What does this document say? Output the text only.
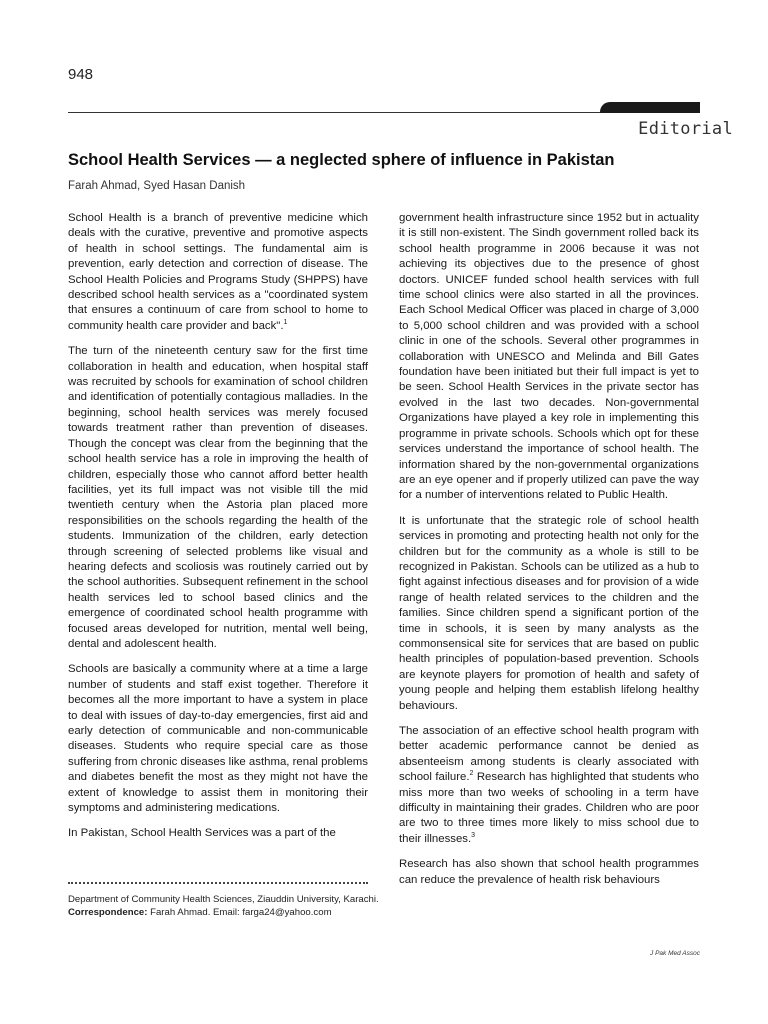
948
Editorial
School Health Services — a neglected sphere of influence in Pakistan
Farah Ahmad, Syed Hasan Danish

School Health is a branch of preventive medicine which deals with the curative, preventive and promotive aspects of health in school settings. The fundamental aim is prevention, early detection and correction of disease. The School Health Policies and Programs Study (SHPPS) have described school health services as a "coordinated system that ensures a continuum of care from school to home to community health care provider and back".$^1$

The turn of the nineteenth century saw for the first time collaboration in health and education, when hospital staff was recruited by schools for examination of school children and identification of potentially contagious malladies. In the beginning, school health services was merely focused towards treatment rather than prevention of diseases. Though the concept was clear from the beginning that the school health service has a role in improving the health of children, especially those who cannot afford better health facilities, yet its full impact was not visible till the mid twentieth century when the Astoria plan placed more responsibilities on the schools regarding the health of the students. Immunization of the children, early detection through screening of selected problems like visual and hearing defects and scoliosis was routinely carried out by the school authorities. Subsequent refinement in the school health services led to school based clinics and the emergence of coordinated school health programme with focused areas developed for nutrition, mental well being, dental and adolescent health.

Schools are basically a community where at a time a large number of students and staff exist together. Therefore it becomes all the more important to have a system in place to deal with issues of day-to-day emergencies, first aid and early detection of communicable and non-communicable diseases. Students who require special care as those suffering from chronic diseases like asthma, renal problems and diabetes benefit the most as they might not have the extent of knowledge to assist them in monitoring their symptoms and administering medications.

In Pakistan, School Health Services was a part of the

government health infrastructure since 1952 but in actuality it is still non-existent. The Sindh government rolled back its school health programme in 2006 because it was not achieving its objectives due to the presence of ghost doctors. UNICEF funded school health services with full time school clinics were also started in all the provinces. Each School Medical Officer was placed in charge of 3,000 to 5,000 school children and was provided with a school clinic in one of the schools. Several other programmes in collaboration with UNESCO and Melinda and Bill Gates foundation have been initiated but their full impact is yet to be seen. School Health Services in the private sector has evolved in the last two decades. Non-governmental Organizations have played a key role in implementing this programme in private schools. Schools which opt for these services understand the importance of school health. The information shared by the non-governmental organizations are an eye opener and if properly utilized can pave the way for a number of interventions related to Public Health.

It is unfortunate that the strategic role of school health services in promoting and protecting health not only for the children but for the community as a whole is still to be recognized in Pakistan. Schools can be utilized as a hub to fight against infectious diseases and for provision of a wide range of health related services to the children and the families. Since children spend a significant portion of the time in schools, it is seen by many analysts as the commonsensical site for services that are based on public health principles of population-based prevention. Schools are keynote players for promotion of health and safety of young people and helping them establish lifelong healthy behaviours.

The association of an effective school health program with better academic performance cannot be denied as absenteeism among students is clearly associated with school failure.$^2$ Research has highlighted that students who miss more than two weeks of schooling in a term have difficulty in maintaining their grades. Children who are poor are two to three times more likely to miss school due to their illnesses.$^3$

Research has also shown that school health programmes can reduce the prevalence of health risk behaviours

Department of Community Health Sciences, Ziauddin University, Karachi.
Correspondence: Farah Ahmad. Email: farga24@yahoo.com
J Pak Med Assoc
